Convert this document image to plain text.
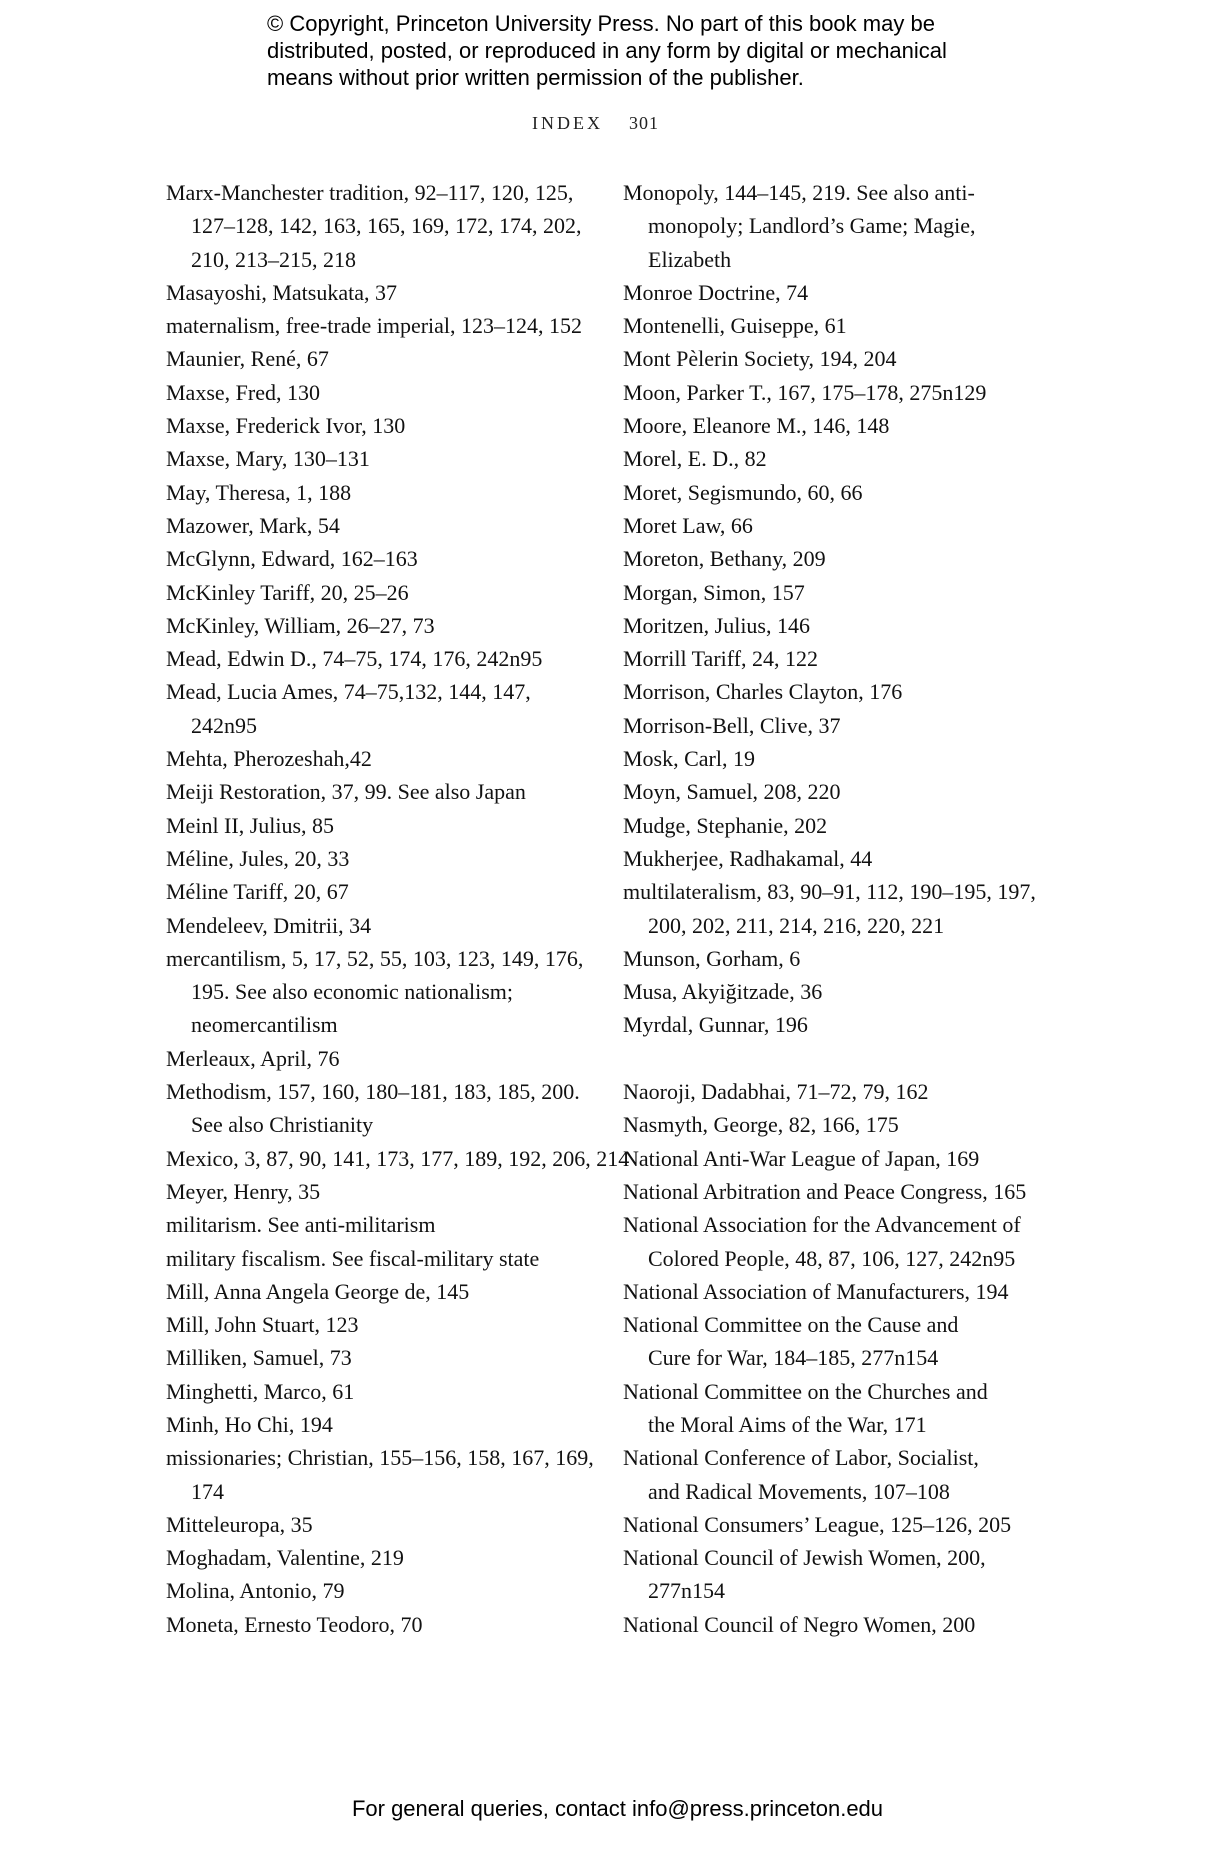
© Copyright, Princeton University Press. No part of this book may be
distributed, posted, or reproduced in any form by digital or mechanical
means without prior written permission of the publisher.
INDEX 301
Marx-Manchester tradition, 92–117, 120, 125,
127–128, 142, 163, 165, 169, 172, 174, 202,
210, 213–215, 218
Masayoshi, Matsukata, 37
maternalism, free-trade imperial, 123–124, 152
Maunier, René, 67
Maxse, Fred, 130
Maxse, Frederick Ivor, 130
Maxse, Mary, 130–131
May, Theresa, 1, 188
Mazower, Mark, 54
McGlynn, Edward, 162–163
McKinley Tariff, 20, 25–26
McKinley, William, 26–27, 73
Mead, Edwin D., 74–75, 174, 176, 242n95
Mead, Lucia Ames, 74–75,132, 144, 147,
242n95
Mehta, Pherozeshah,42
Meiji Restoration, 37, 99. See also Japan
Meinl II, Julius, 85
Méline, Jules, 20, 33
Méline Tariff, 20, 67
Mendeleev, Dmitrii, 34
mercantilism, 5, 17, 52, 55, 103, 123, 149, 176,
195. See also economic nationalism;
neomercantilism
Merleaux, April, 76
Methodism, 157, 160, 180–181, 183, 185, 200.
See also Christianity
Mexico, 3, 87, 90, 141, 173, 177, 189, 192, 206, 214
Meyer, Henry, 35
militarism. See anti-militarism
military fiscalism. See fiscal-military state
Mill, Anna Angela George de, 145
Mill, John Stuart, 123
Milliken, Samuel, 73
Minghetti, Marco, 61
Minh, Ho Chi, 194
missionaries; Christian, 155–156, 158, 167, 169,
174
Mitteleuropa, 35
Moghadam, Valentine, 219
Molina, Antonio, 79
Moneta, Ernesto Teodoro, 70
Monopoly, 144–145, 219. See also anti-
monopoly; Landlord’s Game; Magie,
Elizabeth
Monroe Doctrine, 74
Montenelli, Guiseppe, 61
Mont Pèlerin Society, 194, 204
Moon, Parker T., 167, 175–178, 275n129
Moore, Eleanore M., 146, 148
Morel, E. D., 82
Moret, Segismundo, 60, 66
Moret Law, 66
Moreton, Bethany, 209
Morgan, Simon, 157
Moritzen, Julius, 146
Morrill Tariff, 24, 122
Morrison, Charles Clayton, 176
Morrison-Bell, Clive, 37
Mosk, Carl, 19
Moyn, Samuel, 208, 220
Mudge, Stephanie, 202
Mukherjee, Radhakamal, 44
multilateralism, 83, 90–91, 112, 190–195, 197,
200, 202, 211, 214, 216, 220, 221
Munson, Gorham, 6
Musa, Akyiğitzade, 36
Myrdal, Gunnar, 196
Naoroji, Dadabhai, 71–72, 79, 162
Nasmyth, George, 82, 166, 175
National Anti-War League of Japan, 169
National Arbitration and Peace Congress, 165
National Association for the Advancement of
Colored People, 48, 87, 106, 127, 242n95
National Association of Manufacturers, 194
National Committee on the Cause and
Cure for War, 184–185, 277n154
National Committee on the Churches and
the Moral Aims of the War, 171
National Conference of Labor, Socialist,
and Radical Movements, 107–108
National Consumers’ League, 125–126, 205
National Council of Jewish Women, 200,
277n154
National Council of Negro Women, 200
For general queries, contact info@press.princeton.edu
